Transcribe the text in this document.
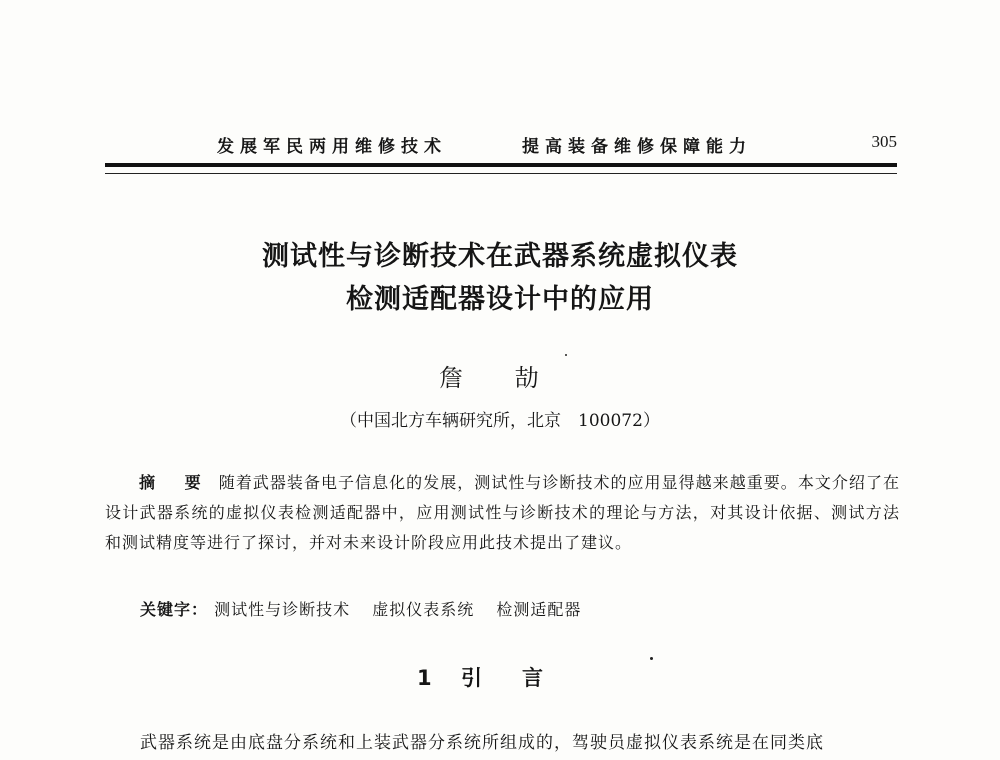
发展军民两用维修技术	提高装备维修保障能力	305
测试性与诊断技术在武器系统虚拟仪表
检测适配器设计中的应用
詹 劼
（中国北方车辆研究所，北京　100072）
摘 要 随着武器装备电子信息化的发展，测试性与诊断技术的应用显得越来越重要。本文介绍了在设计武器系统的虚拟仪表检测适配器中，应用测试性与诊断技术的理论与方法，对其设计依据、测试方法和测试精度等进行了探讨，并对未来设计阶段应用此技术提出了建议。
关键字： 测试性与诊断技术 虚拟仪表系统 检测适配器
1 引言
武器系统是由底盘分系统和上装武器分系统所组成的，驾驶员虚拟仪表系统是在同类底
